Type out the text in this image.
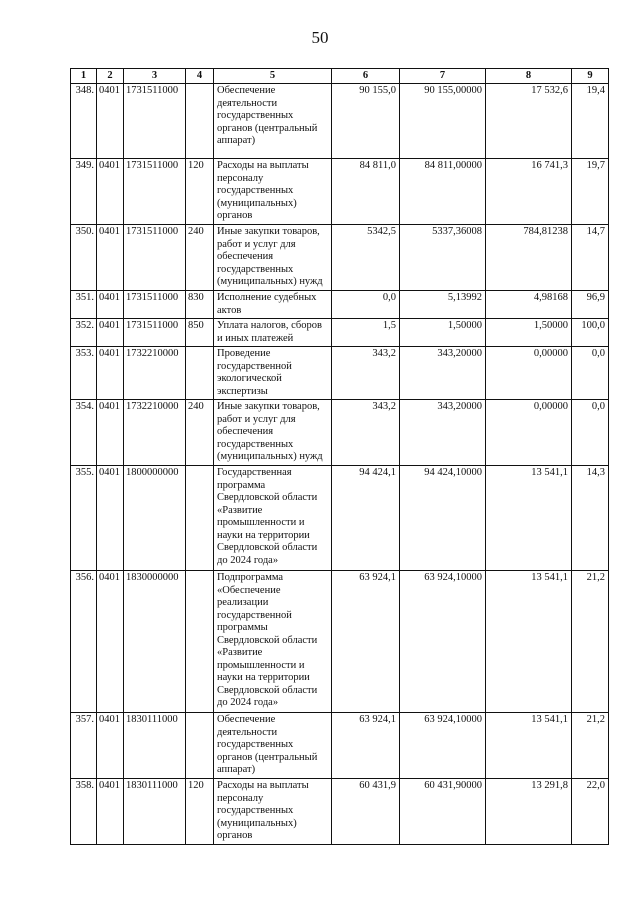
50
1	2	3	4	5	6	7	8	9
348.	0401	1731511000		Обеспечение деятельности государственных органов (центральный аппарат)	90 155,0	90 155,00000	17 532,6	19,4
349.	0401	1731511000	120	Расходы на выплаты персоналу государственных (муниципальных) органов	84 811,0	84 811,00000	16 741,3	19,7
350.	0401	1731511000	240	Иные закупки товаров, работ и услуг для обеспечения государственных (муниципальных) нужд	5342,5	5337,36008	784,81238	14,7
351.	0401	1731511000	830	Исполнение судебных актов	0,0	5,13992	4,98168	96,9
352.	0401	1731511000	850	Уплата налогов, сборов и иных платежей	1,5	1,50000	1,50000	100,0
353.	0401	1732210000		Проведение государственной экологической экспертизы	343,2	343,20000	0,00000	0,0
354.	0401	1732210000	240	Иные закупки товаров, работ и услуг для обеспечения государственных (муниципальных) нужд	343,2	343,20000	0,00000	0,0
355.	0401	1800000000		Государственная программа Свердловской области «Развитие промышленности и науки на территории Свердловской области до 2024 года»	94 424,1	94 424,10000	13 541,1	14,3
356.	0401	1830000000		Подпрограмма «Обеспечение реализации государственной программы Свердловской области «Развитие промышленности и науки на территории Свердловской области до 2024 года»	63 924,1	63 924,10000	13 541,1	21,2
357.	0401	1830111000		Обеспечение деятельности государственных органов (центральный аппарат)	63 924,1	63 924,10000	13 541,1	21,2
358.	0401	1830111000	120	Расходы на выплаты персоналу государственных (муниципальных) органов	60 431,9	60 431,90000	13 291,8	22,0
